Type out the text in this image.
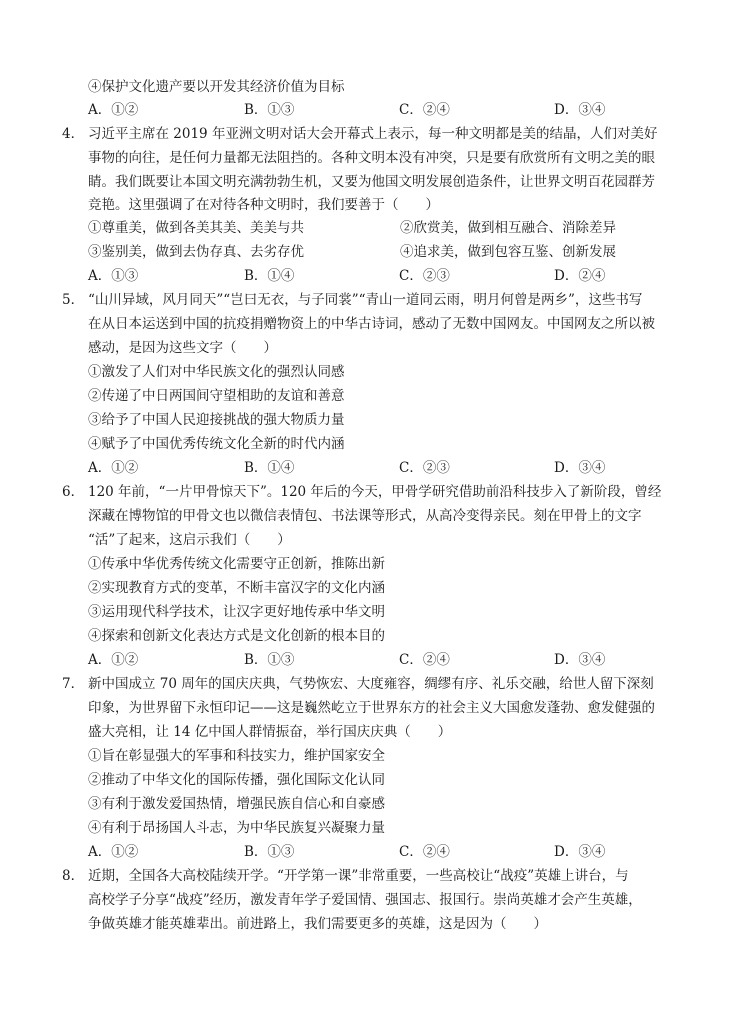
④保护文化遗产要以开发其经济价值为目标
A．①②	B．①③	C．②④	D．③④
4． 习近平主席在 2019 年亚洲文明对话大会开幕式上表示，每一种文明都是美的结晶，人们对美好
事物的向往，是任何力量都无法阻挡的。各种文明本没有冲突，只是要有欣赏所有文明之美的眼
睛。我们既要让本国文明充满勃勃生机，又要为他国文明发展创造条件，让世界文明百花园群芳
竞艳。这里强调了在对待各种文明时，我们要善于（　　）
①尊重美，做到各美其美、美美与共	②欣赏美，做到相互融合、消除差异
③鉴别美，做到去伪存真、去劣存优	④追求美，做到包容互鉴、创新发展
A．①③	B．①④	C．②③	D．②④
5． “山川异域，风月同天”“岂曰无衣，与子同裳”“青山一道同云雨，明月何曾是两乡”，这些书写
在从日本运送到中国的抗疫捐赠物资上的中华古诗词，感动了无数中国网友。中国网友之所以被
感动，是因为这些文字（　　）
①激发了人们对中华民族文化的强烈认同感
②传递了中日两国间守望相助的友谊和善意
③给予了中国人民迎接挑战的强大物质力量
④赋予了中国优秀传统文化全新的时代内涵
A．①②	B．①④	C．②③	D．③④
6． 120 年前，“一片甲骨惊天下”。120 年后的今天，甲骨学研究借助前沿科技步入了新阶段，曾经
深藏在博物馆的甲骨文也以微信表情包、书法课等形式，从高冷变得亲民。刻在甲骨上的文字
“活”了起来，这启示我们（　　）
①传承中华优秀传统文化需要守正创新，推陈出新
②实现教育方式的变革，不断丰富汉字的文化内涵
③运用现代科学技术，让汉字更好地传承中华文明
④探索和创新文化表达方式是文化创新的根本目的
A．①②	B．①③	C．②④	D．③④
7． 新中国成立 70 周年的国庆庆典，气势恢宏、大度雍容，绸缪有序、礼乐交融，给世人留下深刻
印象，为世界留下永恒印记——这是巍然屹立于世界东方的社会主义大国愈发蓬勃、愈发健强的
盛大亮相，让 14 亿中国人群情振奋，举行国庆庆典（　　）
①旨在彰显强大的军事和科技实力，维护国家安全
②推动了中华文化的国际传播，强化国际文化认同
③有利于激发爱国热情，增强民族自信心和自豪感
④有利于昂扬国人斗志，为中华民族复兴凝聚力量
A．①②	B．①③	C．②④	D．③④
8． 近期，全国各大高校陆续开学。“开学第一课”非常重要，一些高校让“战疫”英雄上讲台，与
高校学子分享“战疫”经历，激发青年学子爱国情、强国志、报国行。崇尚英雄才会产生英雄，
争做英雄才能英雄辈出。前进路上，我们需要更多的英雄，这是因为（　　）
